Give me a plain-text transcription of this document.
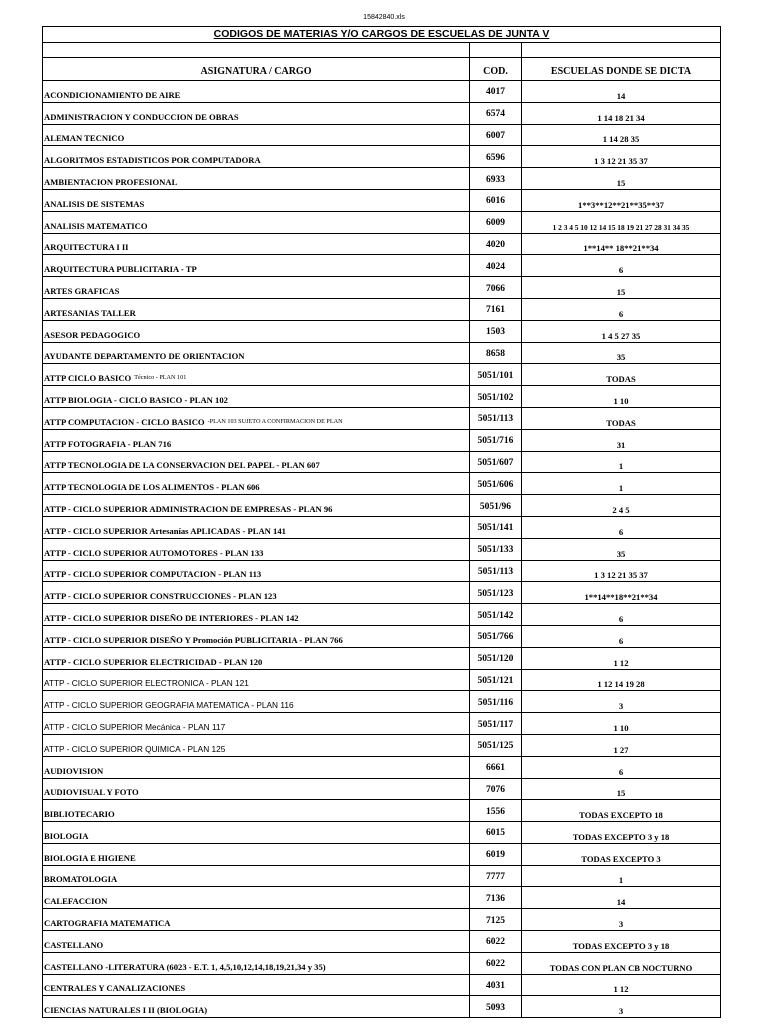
15842840.xls
CODIGOS DE MATERIAS Y/O CARGOS DE ESCUELAS DE JUNTA V
ASIGNATURA / CARGO	COD.	ESCUELAS DONDE SE DICTA
ACONDICIONAMIENTO DE AIRE	4017	14
ADMINISTRACION Y CONDUCCION DE OBRAS	6574	1 14 18 21 34
ALEMAN TECNICO	6007	1 14 28 35
ALGORITMOS ESTADISTICOS POR COMPUTADORA	6596	1 3 12 21 35 37
AMBIENTACION PROFESIONAL	6933	15
ANALISIS DE SISTEMAS	6016	1**3**12**21**35**37
ANALISIS MATEMATICO	6009	1 2 3 4 5 10 12 14 15 18 19 21 27 28 31 34 35
ARQUITECTURA I II	4020	1**14** 18**21**34
ARQUITECTURA PUBLICITARIA - TP	4024	6
ARTES GRAFICAS	7066	15
ARTESANIAS TALLER	7161	6
ASESOR PEDAGOGICO	1503	1 4 5 27 35
AYUDANTE DEPARTAMENTO DE ORIENTACION	8658	35
ATTP CICLO BASICO Técnico - PLAN 101	5051/101	TODAS
ATTP BIOLOGIA - CICLO BASICO - PLAN 102	5051/102	1 10
ATTP COMPUTACION - CICLO BASICO -PLAN 103 SUJETO A CONFIRMACION DE PLAN	5051/113	TODAS
ATTP FOTOGRAFIA - PLAN 716	5051/716	31
ATTP TECNOLOGIA DE LA CONSERVACION DEL PAPEL - PLAN 607	5051/607	1
ATTP TECNOLOGIA DE LOS ALIMENTOS - PLAN 606	5051/606	1
ATTP - CICLO SUPERIOR ADMINISTRACION DE EMPRESAS - PLAN 96	5051/96	2 4 5
ATTP - CICLO SUPERIOR Artesanías APLICADAS - PLAN 141	5051/141	6
ATTP - CICLO SUPERIOR AUTOMOTORES - PLAN 133	5051/133	35
ATTP - CICLO SUPERIOR COMPUTACION - PLAN 113	5051/113	1 3 12 21 35 37
ATTP - CICLO SUPERIOR CONSTRUCCIONES - PLAN 123	5051/123	1**14**18**21**34
ATTP - CICLO SUPERIOR DISEÑO DE INTERIORES - PLAN 142	5051/142	6
ATTP - CICLO SUPERIOR DISEÑO Y Promoción PUBLICITARIA - PLAN 766	5051/766	6
ATTP - CICLO SUPERIOR ELECTRICIDAD - PLAN 120	5051/120	1 12
ATTP - CICLO SUPERIOR ELECTRONICA - PLAN 121	5051/121	1 12 14 19 28
ATTP - CICLO SUPERIOR GEOGRAFIA MATEMATICA - PLAN 116	5051/116	3
ATTP - CICLO SUPERIOR Mecánica - PLAN 117	5051/117	1 10
ATTP - CICLO SUPERIOR QUIMICA - PLAN 125	5051/125	1 27
AUDIOVISION	6661	6
AUDIOVISUAL Y FOTO	7076	15
BIBLIOTECARIO	1556	TODAS EXCEPTO 18
BIOLOGIA	6015	TODAS EXCEPTO 3 y 18
BIOLOGIA E HIGIENE	6019	TODAS EXCEPTO 3
BROMATOLOGIA	7777	1
CALEFACCION	7136	14
CARTOGRAFIA MATEMATICA	7125	3
CASTELLANO	6022	TODAS EXCEPTO 3 y 18
CASTELLANO -LITERATURA (6023 - E.T. 1, 4,5,10,12,14,18,19,21,34 y 35)	6022	TODAS CON PLAN CB NOCTURNO
CENTRALES Y CANALIZACIONES	4031	1 12
CIENCIAS NATURALES I II (BIOLOGIA)	5093	3
